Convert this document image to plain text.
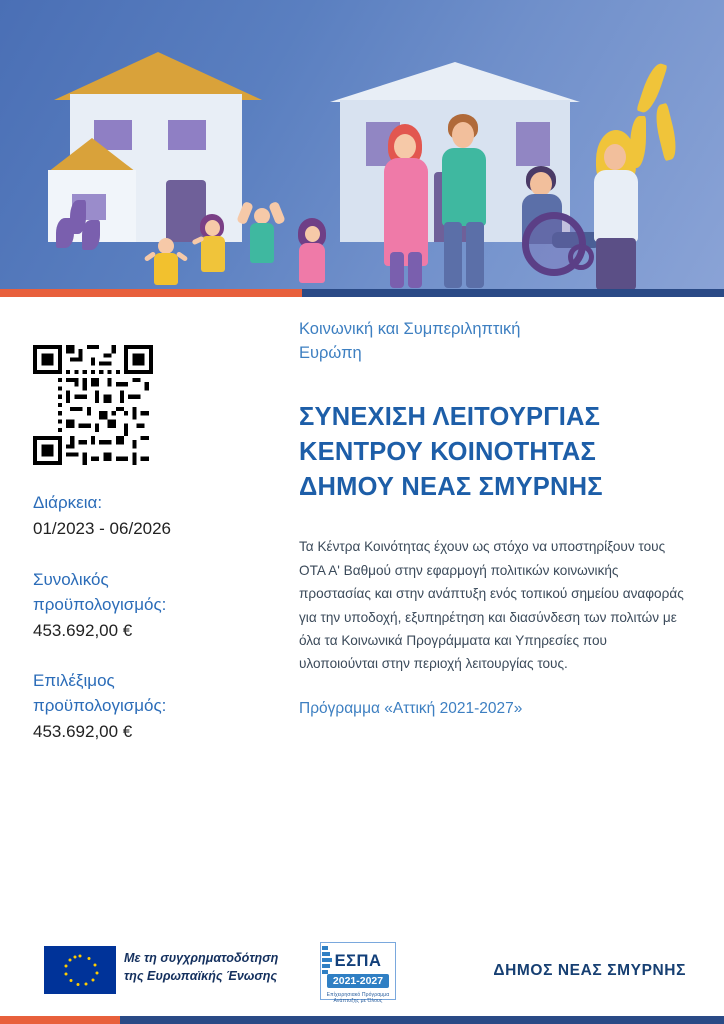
Διάρκεια:
01/2023 - 06/2026
Συνολικός
προϋπολογισμός:
453.692,00 €
Επιλέξιμος
προϋπολογισμός:
453.692,00 €
Κοινωνική και Συμπεριληπτική
Ευρώπη
ΣΥΝΕΧΙΣΗ ΛΕΙΤΟΥΡΓΙΑΣ
ΚΕΝΤΡΟΥ ΚΟΙΝΟΤΗΤΑΣ
ΔΗΜΟΥ ΝΕΑΣ ΣΜΥΡΝΗΣ
Τα Κέντρα Κοινότητας έχουν ως στόχο να υποστηρίξουν τους ΟΤΑ Α' Βαθμού στην εφαρμογή πολιτικών κοινωνικής προστασίας και στην ανάπτυξη ενός τοπικού σημείου αναφοράς για την υποδοχή, εξυπηρέτηση και διασύνδεση των πολιτών με όλα τα Κοινωνικά Προγράμματα και Υπηρεσίες που υλοποιούνται στην περιοχή λειτουργίας τους.
Πρόγραμμα «Αττική 2021-2027»
Με τη συγχρηματοδότηση
της Ευρωπαϊκής Ένωσης
ΕΣΠΑ
2021-2027
Επίχειρησιακό Πρόγραμμα Ανάπτυξης με Όλους
ΔΗΜΟΣ ΝΕΑΣ ΣΜΥΡΝΗΣ
